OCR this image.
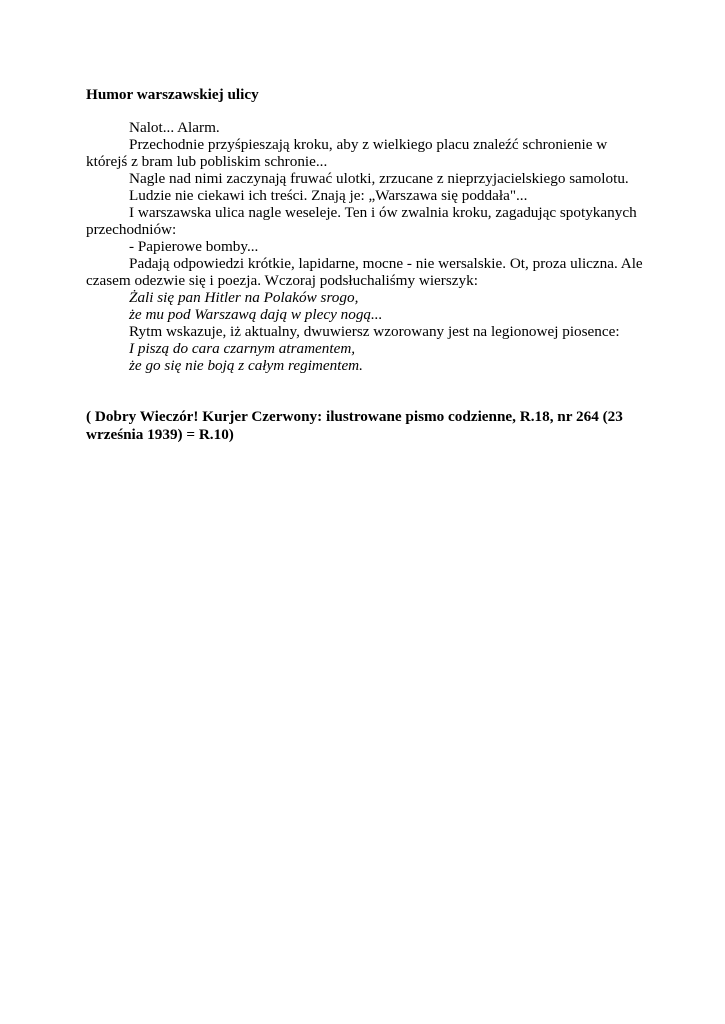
Humor warszawskiej ulicy

Nalot... Alarm.

Przechodnie przyśpieszają kroku, aby z wielkiego placu znaleźć schronienie w którejś z bram lub pobliskim schronie...

Nagle nad nimi zaczynają fruwać ulotki, zrzucane z nieprzyjacielskiego samolotu.

Ludzie nie ciekawi ich treści. Znają je: „Warszawa się poddała"...

I warszawska ulica nagle weseleje. Ten i ów zwalnia kroku, zagadując spotykanych przechodniów:

- Papierowe bomby...

Padają odpowiedzi krótkie, lapidarne, mocne - nie wersalskie. Ot, proza uliczna. Ale czasem odezwie się i poezja. Wczoraj podsłuchaliśmy wierszyk:

Żali się pan Hitler na Polaków srogo,

że mu pod Warszawą dają w plecy nogą...

Rytm wskazuje, iż aktualny, dwuwiersz wzorowany jest na legionowej piosence:

I piszą do cara czarnym atramentem,

że go się nie boją z całym regimentem.

( Dobry Wieczór! Kurjer Czerwony: ilustrowane pismo codzienne, R.18, nr 264 (23 września 1939) = R.10)
